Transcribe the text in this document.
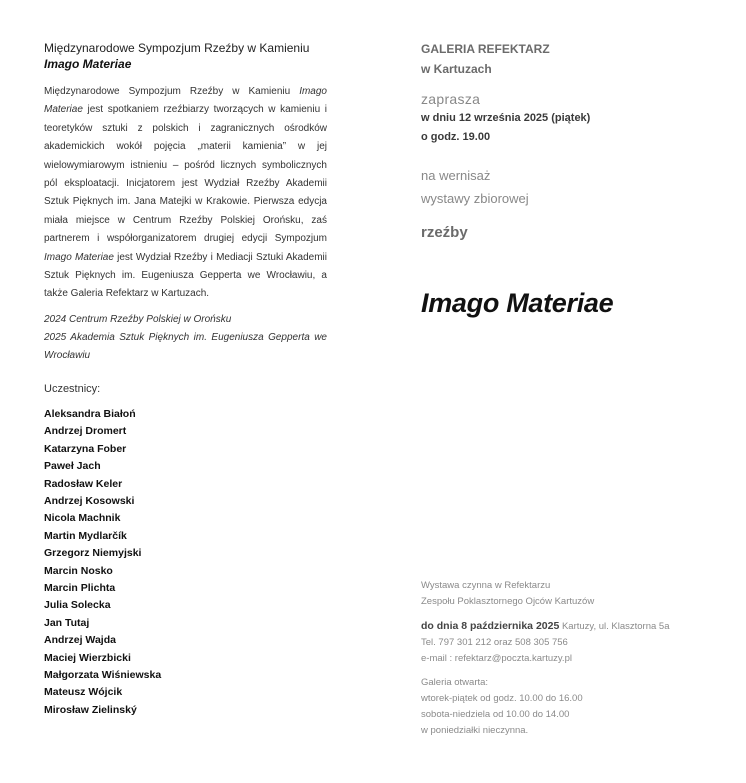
Międzynarodowe Sympozjum Rzeźby w Kamieniu
Imago Materiae

Międzynarodowe Sympozjum Rzeźby w Kamieniu Imago Materiae jest spotkaniem rzeźbiarzy tworzących w kamieniu i teoretyków sztuki z polskich i zagranicznych ośrodków akademickich wokół pojęcia „materii kamienia” w jej wielowymiarowym istnieniu – pośród licznych symbolicznych pól eksploatacji. Inicjatorem jest Wydział Rzeźby Akademii Sztuk Pięknych im. Jana Matejki w Krakowie. Pierwsza edycja miała miejsce w Centrum Rzeźby Polskiej Orońsku, zaś partnerem i współorganizatorem drugiej edycji Sympozjum Imago Materiae jest Wydział Rzeźby i Mediacji Sztuki Akademii Sztuk Pięknych im. Eugeniusza Gepperta we Wrocławiu, a także Galeria Refektarz w Kartuzach.

2024 Centrum Rzeźby Polskiej w Orońsku
2025 Akademia Sztuk Pięknych im. Eugeniusza Gepperta we Wrocławiu
Uczestnicy:
Aleksandra Białoń
Andrzej Dromert
Katarzyna Fober
Paweł Jach
Radosław Keler
Andrzej Kosowski
Nicola Machnik
Martin Mydlarčík
Grzegorz Niemyjski
Marcin Nosko
Marcin Plichta
Julia Solecka
Jan Tutaj
Andrzej Wajda
Maciej Wierzbicki
Małgorzata Wiśniewska
Mateusz Wójcik
Mirosław Zielinský
GALERIA REFEKTARZ
w Kartuzach
zaprasza
w dniu 12 września 2025 (piątek)
o godz. 19.00
na wernisaż
wystawy zbiorowej
rzeźby
Imago Materiae
Wystawa czynna w Refektarzu
Zespołu Poklasztornego Ojców Kartuzów
do dnia 8 października 2025 Kartuzy, ul. Klasztorna 5a
Tel. 797 301 212 oraz 508 305 756
e-mail : refektarz@poczta.kartuzy.pl
Galeria otwarta:
wtorek-piątek od godz. 10.00 do 16.00
sobota-niedziela od 10.00 do 14.00
w poniedziałki nieczynna.
